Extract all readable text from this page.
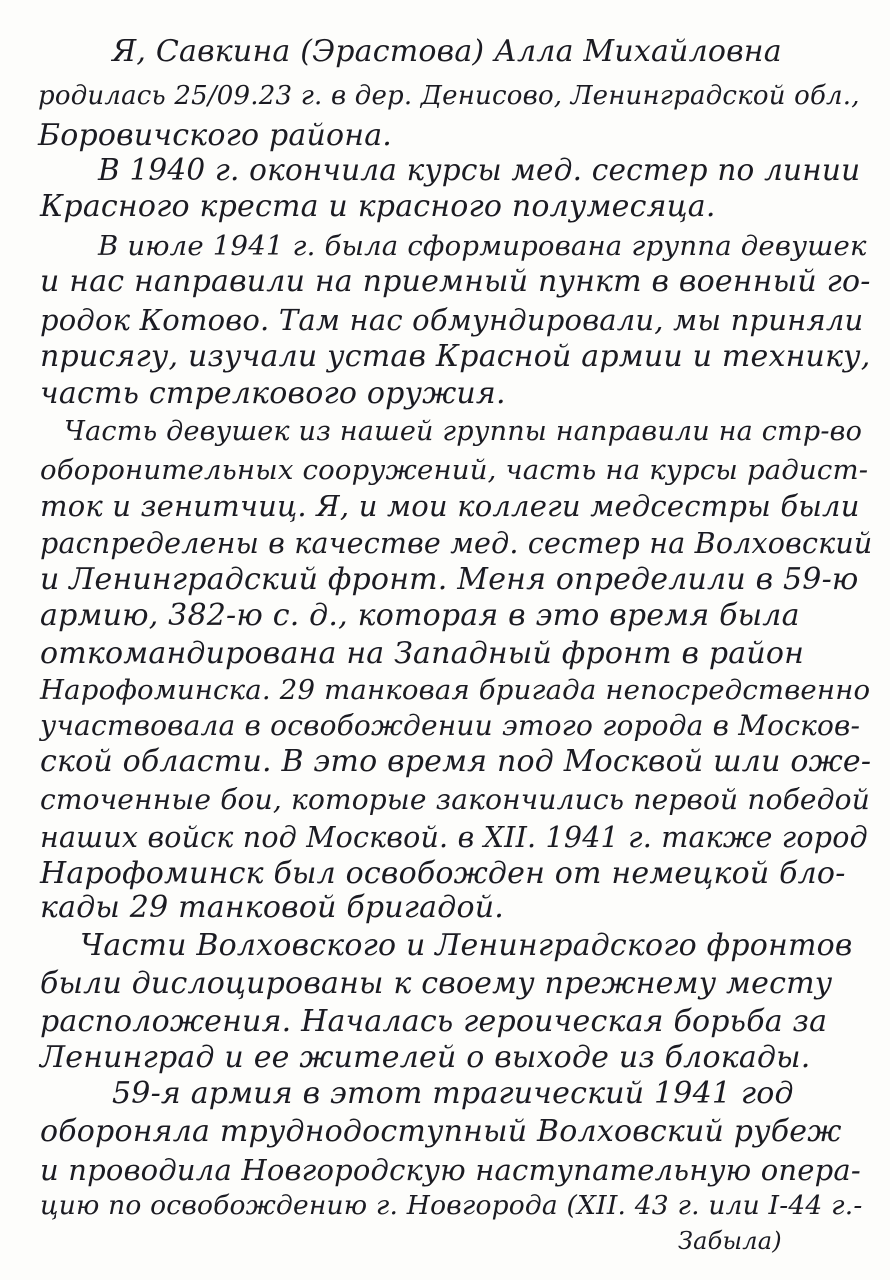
Я, Савкина (Эрастова) Алла Михайловна

родилась 25/09.23 г. в дер. Денисово, Ленинградской обл.,

Боровичского района.

В 1940 г. окончила курсы мед. сестер по линии

Красного креста и красного полумесяца.

В июле 1941 г. была сформирована группа девушек

и нас направили на приемный пункт в военный го-

родок Котово. Там нас обмундировали, мы приняли

присягу, изучали устав Красной армии и технику,

часть стрелкового оружия.

Часть девушек из нашей группы направили на стр-во

оборонительных сооружений, часть на курсы радист-

ток и зенитчиц. Я, и мои коллеги медсестры были

распределены в качестве мед. сестер на Волховский

и Ленинградский фронт. Меня определили в 59-ю

армию, 382-ю с. д., которая в это время была

откомандирована на Западный фронт в район

Нарофоминска. 29 танковая бригада непосредственно

участвовала в освобождении этого города в Москов-

ской области. В это время под Москвой шли оже-

сточенные бои, которые закончились первой победой

наших войск под Москвой. в XII. 1941 г. также город

Нарофоминск был освобожден от немецкой бло-

кады 29 танковой бригадой.

Части Волховского и Ленинградского фронтов

были дислоцированы к своему прежнему месту

расположения. Началась героическая борьба за

Ленинград и ее жителей о выходе из блокады.

59-я армия в этот трагический 1941 год

обороняла труднодоступный Волховский рубеж

и проводила Новгородскую наступательную опера-

цию по освобождению г. Новгорода (XII. 43 г. или I-44 г.-

Забыла)
